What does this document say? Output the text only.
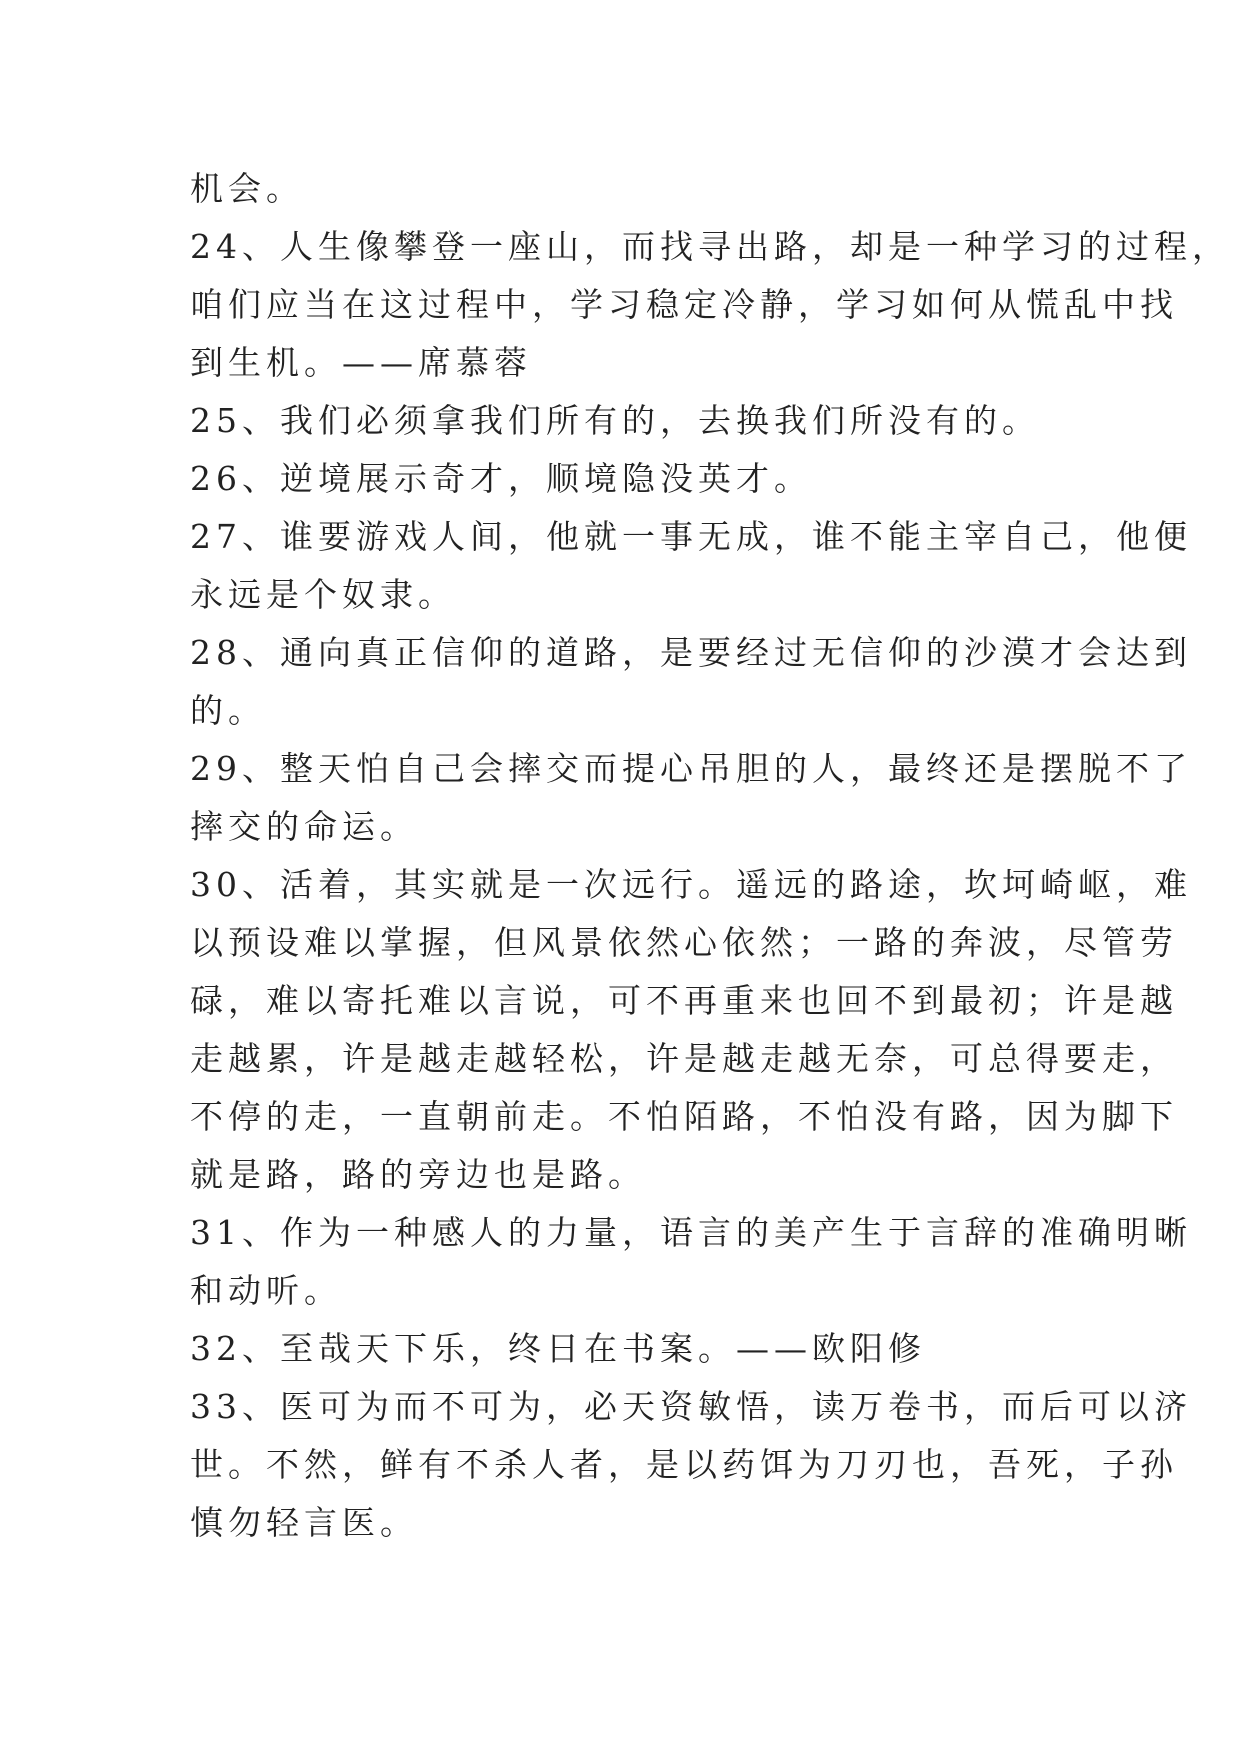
机会。
24、人生像攀登一座山，而找寻出路，却是一种学习的过程，
咱们应当在这过程中，学习稳定冷静，学习如何从慌乱中找
到生机。——席慕蓉
25、我们必须拿我们所有的，去换我们所没有的。
26、逆境展示奇才，顺境隐没英才。
27、谁要游戏人间，他就一事无成，谁不能主宰自己，他便
永远是个奴隶。
28、通向真正信仰的道路，是要经过无信仰的沙漠才会达到
的。
29、整天怕自己会摔交而提心吊胆的人，最终还是摆脱不了
摔交的命运。
30、活着，其实就是一次远行。遥远的路途，坎坷崎岖，难
以预设难以掌握，但风景依然心依然；一路的奔波，尽管劳
碌，难以寄托难以言说，可不再重来也回不到最初；许是越
走越累，许是越走越轻松，许是越走越无奈，可总得要走，
不停的走，一直朝前走。不怕陌路，不怕没有路，因为脚下
就是路，路的旁边也是路。
31、作为一种感人的力量，语言的美产生于言辞的准确明晰
和动听。
32、至哉天下乐，终日在书案。——欧阳修
33、医可为而不可为，必天资敏悟，读万卷书，而后可以济
世。不然，鲜有不杀人者，是以药饵为刀刃也，吾死，子孙
慎勿轻言医。
